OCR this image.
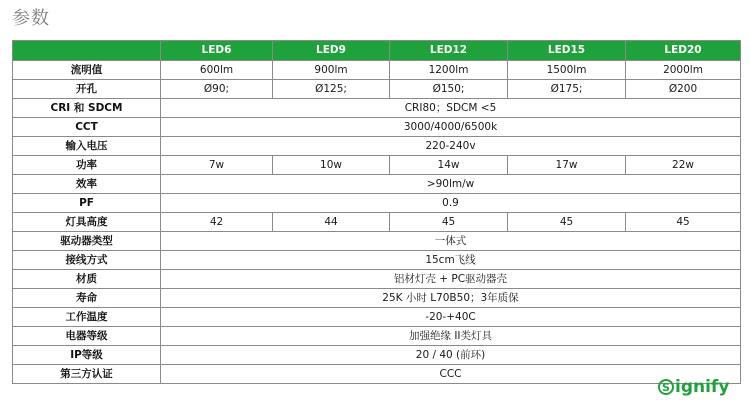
参数
	LED6	LED9	LED12	LED15	LED20
流明值	600lm	900lm	1200lm	1500lm	2000lm
开孔	Ø90;	Ø125;	Ø150;	Ø175;	Ø200
CRI 和 SDCM	CRI80；SDCM <5				
CCT	3000/4000/6500k				
输入电压	220-240v				
功率	7w	10w	14w	17w	22w
效率	>90lm/w				
PF	0.9				
灯具高度	42	44	45	45	45
驱动器类型	一体式				
接线方式	15cm飞线				
材质	铝材灯壳 + PC驱动器壳				
寿命	25K 小时 L70B50；3年质保				
工作温度	-20-+40C				
电器等级	加强绝缘 II类灯具				
IP等级	20 / 40 (前环)				
第三方认证	CCC				
S ignify
